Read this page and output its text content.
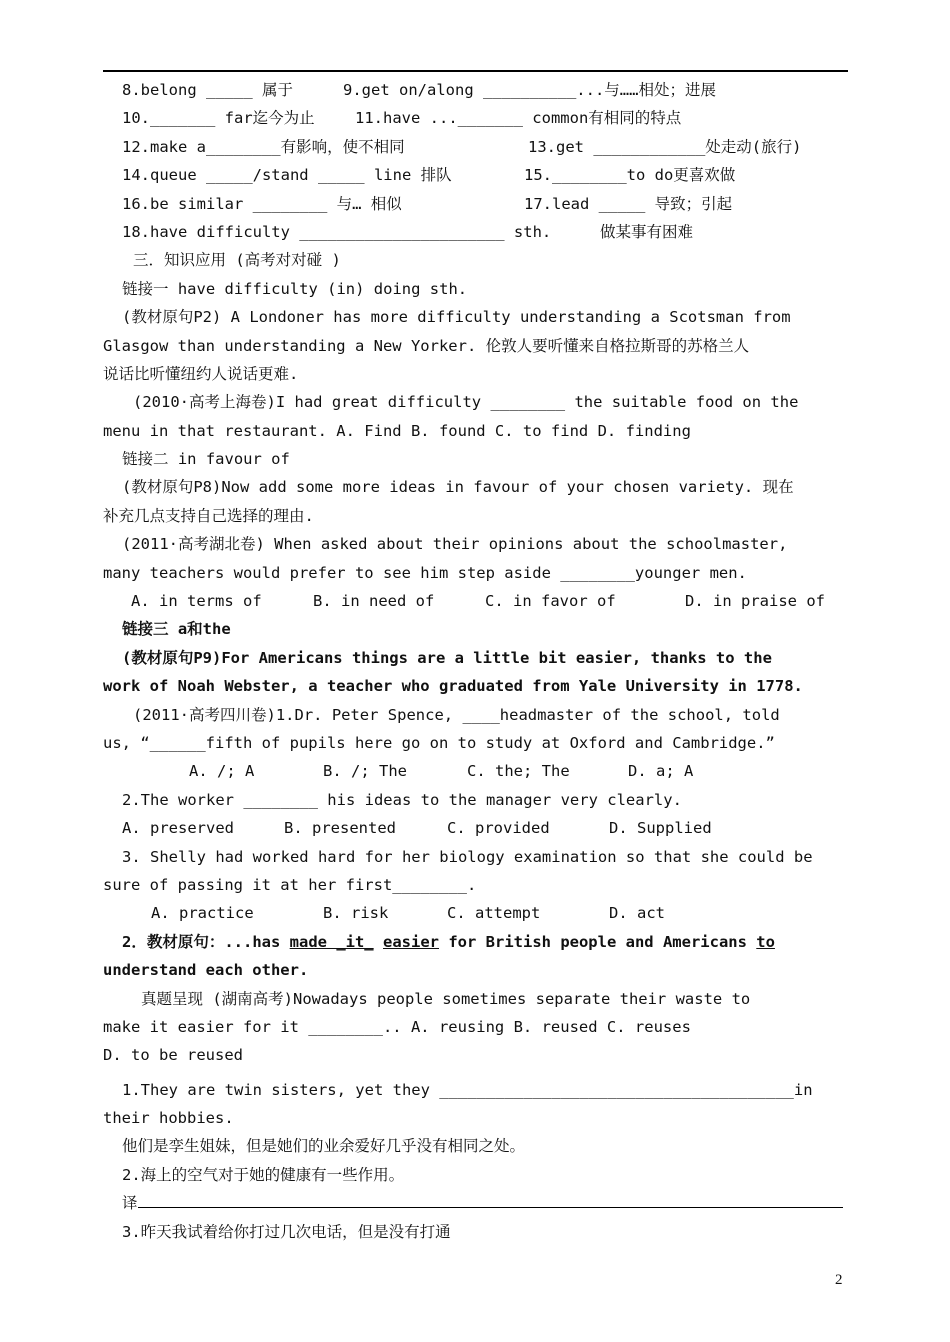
8.belong _____ 属于	9.get on/along __________...与……相处；进展
10._______ far迄今为止	11.have ..._______ common有相同的特点
12.make a________有影响，使不相同	13.get ____________处走动(旅行)
14.queue _____/stand _____ line 排队	15.________to do更喜欢做
16.be similar ________ 与… 相似	17.lead _____ 导致；引起
18.have difficulty ______________________ sth.	做某事有困难
三．知识应用 (高考对对碰 )
链接一 have difficulty (in) doing sth.
(教材原句P2) A Londoner has more difficulty understanding a Scotsman from
Glasgow than understanding a New Yorker. 伦敦人要听懂来自格拉斯哥的苏格兰人
说话比听懂纽约人说话更难.
(2010·高考上海卷)I had great difficulty ________ the suitable food on the
menu in that restaurant. A. Find B. found C. to find D. finding
链接二 in favour of
(教材原句P8)Now add some more ideas in favour of your chosen variety. 现在
补充几点支持自己选择的理由.
(2011·高考湖北卷) When asked about their opinions about the schoolmaster,
many teachers would prefer to see him step aside ________younger men.
A. in terms of	B. in need of	C. in favor of	D. in praise of
链接三 a和the
(教材原句P9)For Americans things are a little bit easier, thanks to the
work of Noah Webster, a teacher who graduated from Yale University in 1778.
(2011·高考四川卷)1.Dr. Peter Spence, ____headmaster of the school, told
us, “______fifth of pupils here go on to study at Oxford and Cambridge.”
A. /; A	B. /; The	C. the; The	D. a; A
2.The worker ________ his ideas to the manager very clearly.
A. preserved	B. presented	C. provided	D. Supplied
3. Shelly had worked hard for her biology examination so that she could be
sure of passing it at her first________.
A. practice	B. risk	C. attempt	D. act
2．教材原句：...has made _it_ easier for British people and Americans to
understand each other.
真题呈现 (湖南高考)Nowadays people sometimes separate their waste to
make it easier for it ________.. A. reusing B. reused C. reuses
D. to be reused
1.They are twin sisters, yet they ______________________________________in
their hobbies.
他们是孪生姐妹，但是她们的业余爱好几乎没有相同之处。
2.海上的空气对于她的健康有一些作用。
译
3.昨天我试着给你打过几次电话，但是没有打通
2
